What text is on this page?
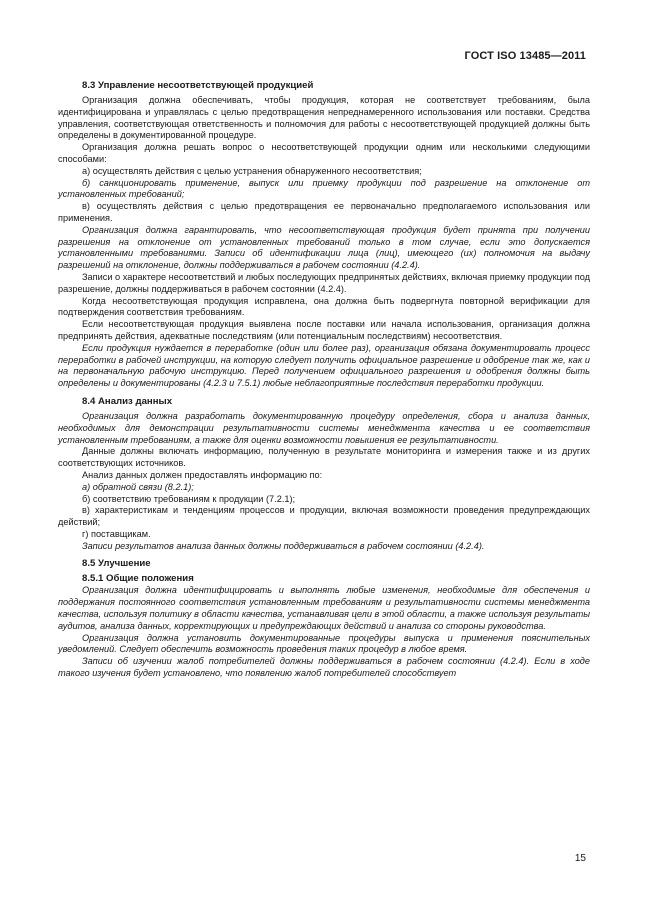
ГОСТ ISO 13485—2011
8.3 Управление несоответствующей продукцией

Организация должна обеспечивать, чтобы продукция, которая не соответствует требованиям, была идентифицирована и управлялась с целью предотвращения непреднамеренного использования или поставки. Средства управления, соответствующая ответственность и полномочия для работы с несоответствующей продукцией должны быть определены в документированной процедуре.

Организация должна решать вопрос о несоответствующей продукции одним или несколькими следующими способами:

а) осуществлять действия с целью устранения обнаруженного несоответствия;

б) санкционировать применение, выпуск или приемку продукции под разрешение на отклонение от установленных требований;

в) осуществлять действия с целью предотвращения ее первоначально предполагаемого использования или применения.

Организация должна гарантировать, что несоответствующая продукция будет принята при получении разрешения на отклонение от установленных требований только в том случае, если это допускается установленными требованиями. Записи об идентификации лица (лиц), имеющего (их) полномочия на выдачу разрешений на отклонение, должны поддерживаться в рабочем состоянии (4.2.4).

Записи о характере несоответствий и любых последующих предпринятых действиях, включая приемку продукции под разрешение, должны поддерживаться в рабочем состоянии (4.2.4).

Когда несоответствующая продукция исправлена, она должна быть подвергнута повторной верификации для подтверждения соответствия требованиям.

Если несоответствующая продукция выявлена после поставки или начала использования, организация должна предпринять действия, адекватные последствиям (или потенциальным последствиям) несоответствия.

Если продукция нуждается в переработке (один или более раз), организация обязана документировать процесс переработки в рабочей инструкции, на которую следует получить официальное разрешение и одобрение так же, как и на первоначальную рабочую инструкцию. Перед получением официального разрешения и одобрения должны быть определены и документированы (4.2.3 и 7.5.1) любые неблагоприятные последствия переработки продукции.

8.4 Анализ данных

Организация должна разработать документированную процедуру определения, сбора и анализа данных, необходимых для демонстрации результативности системы менеджмента качества и ее соответствия установленным требованиям, а также для оценки возможности повышения ее результативности.

Данные должны включать информацию, полученную в результате мониторинга и измерения также и из других соответствующих источников.

Анализ данных должен предоставлять информацию по:

а) обратной связи (8.2.1);

б) соответствию требованиям к продукции (7.2.1);

в) характеристикам и тенденциям процессов и продукции, включая возможности проведения предупреждающих действий;

г) поставщикам.

Записи результатов анализа данных должны поддерживаться в рабочем состоянии (4.2.4).

8.5 Улучшение
8.5.1 Общие положения

Организация должна идентифицировать и выполнять любые изменения, необходимые для обеспечения и поддержания постоянного соответствия установленным требованиям и результативности системы менеджмента качества, используя политику в области качества, устанавливая цели в этой области, а также используя результаты аудитов, анализа данных, корректирующих и предупреждающих действий и анализа со стороны руководства.

Организация должна установить документированные процедуры выпуска и применения пояснительных уведомлений. Следует обеспечить возможность проведения таких процедур в любое время.

Записи об изучении жалоб потребителей должны поддерживаться в рабочем состоянии (4.2.4). Если в ходе такого изучения будет установлено, что появлению жалоб потребителей способствует

15
